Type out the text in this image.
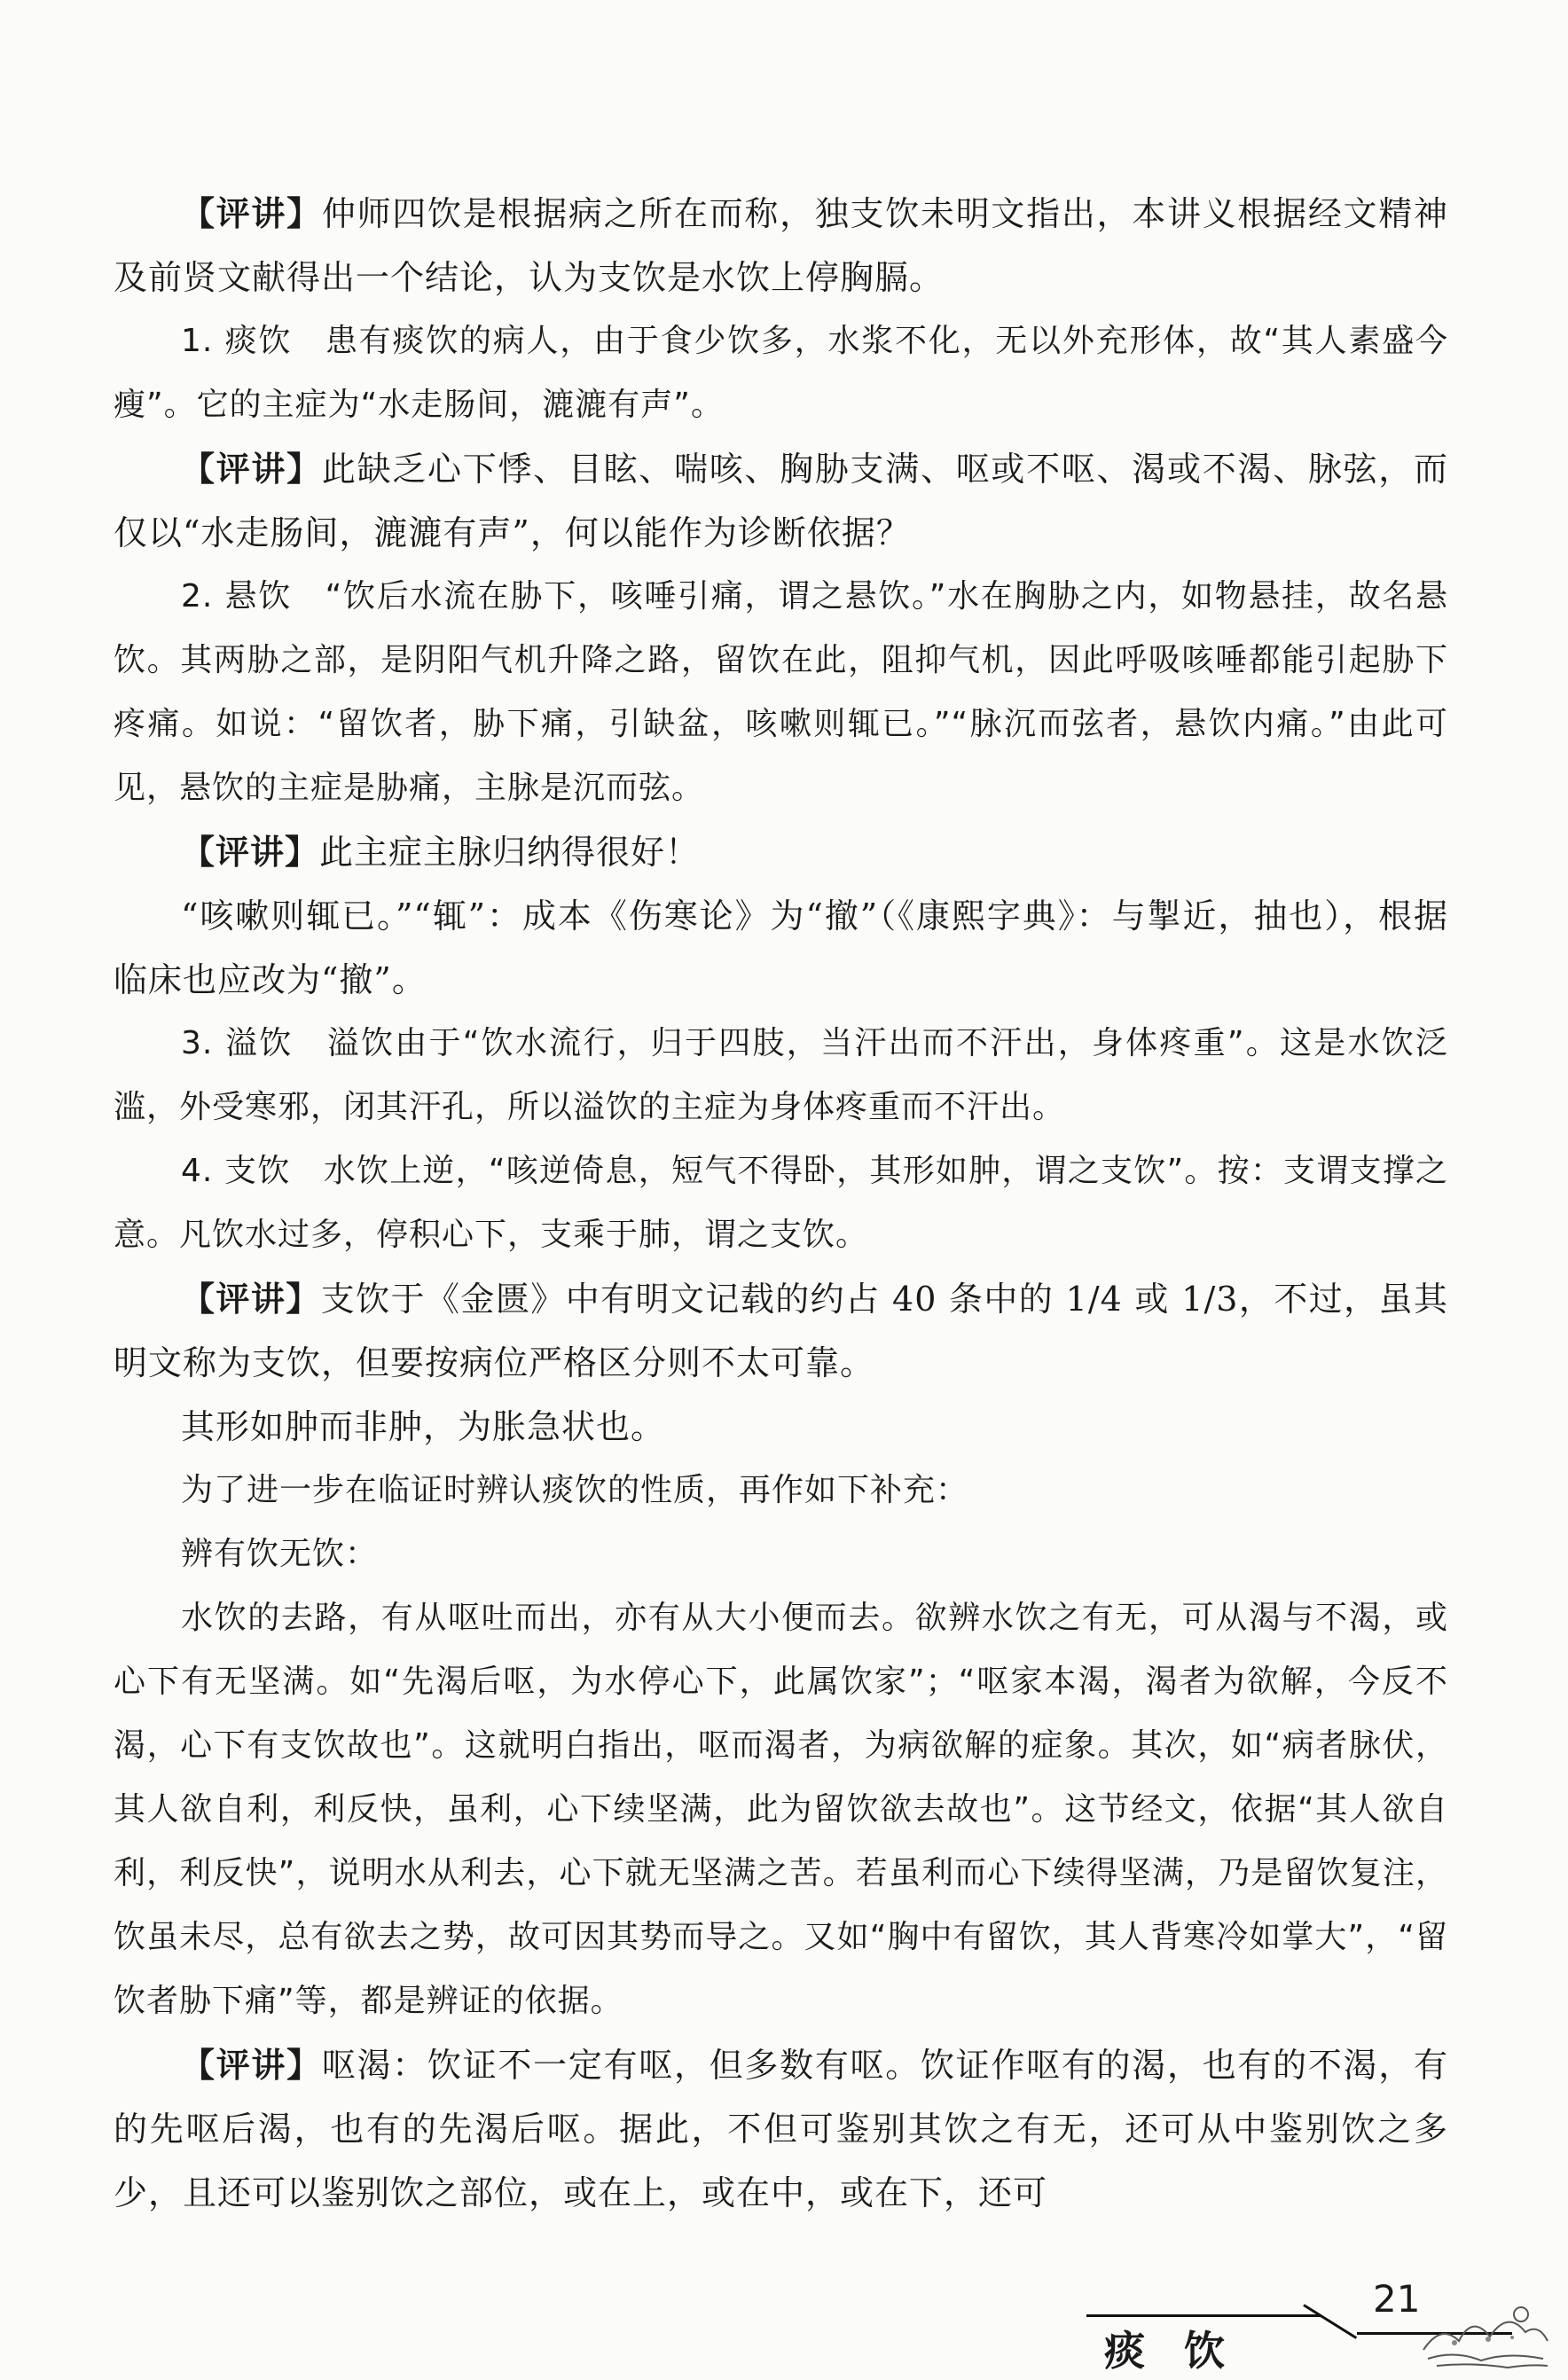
【评讲】仲师四饮是根据病之所在而称，独支饮未明文指出，本讲义根据经文精神及前贤文献得出一个结论，认为支饮是水饮上停胸膈。

1. 痰饮　患有痰饮的病人，由于食少饮多，水浆不化，无以外充形体，故“其人素盛今瘦”。它的主症为“水走肠间，漉漉有声”。

【评讲】此缺乏心下悸、目眩、喘咳、胸胁支满、呕或不呕、渴或不渴、脉弦，而仅以“水走肠间，漉漉有声”，何以能作为诊断依据？

2. 悬饮　“饮后水流在胁下，咳唾引痛，谓之悬饮。”水在胸胁之内，如物悬挂，故名悬饮。其两胁之部，是阴阳气机升降之路，留饮在此，阻抑气机，因此呼吸咳唾都能引起胁下疼痛。如说：“留饮者，胁下痛，引缺盆，咳嗽则辄已。”“脉沉而弦者，悬饮内痛。”由此可见，悬饮的主症是胁痛，主脉是沉而弦。

【评讲】此主症主脉归纳得很好！

“咳嗽则辄已。”“辄”：成本《伤寒论》为“撤”（《康熙字典》：与掣近，抽也），根据临床也应改为“撤”。

3. 溢饮　溢饮由于“饮水流行，归于四肢，当汗出而不汗出，身体疼重”。这是水饮泛滥，外受寒邪，闭其汗孔，所以溢饮的主症为身体疼重而不汗出。

4. 支饮　水饮上逆，“咳逆倚息，短气不得卧，其形如肿，谓之支饮”。按：支谓支撑之意。凡饮水过多，停积心下，支乘于肺，谓之支饮。

【评讲】支饮于《金匮》中有明文记载的约占 40 条中的 1/4 或 1/3，不过，虽其明文称为支饮，但要按病位严格区分则不太可靠。

其形如肿而非肿，为胀急状也。

为了进一步在临证时辨认痰饮的性质，再作如下补充：

辨有饮无饮：

水饮的去路，有从呕吐而出，亦有从大小便而去。欲辨水饮之有无，可从渴与不渴，或心下有无坚满。如“先渴后呕，为水停心下，此属饮家”；“呕家本渴，渴者为欲解，今反不渴，心下有支饮故也”。这就明白指出，呕而渴者，为病欲解的症象。其次，如“病者脉伏，其人欲自利，利反快，虽利，心下续坚满，此为留饮欲去故也”。这节经文，依据“其人欲自利，利反快”，说明水从利去，心下就无坚满之苦。若虽利而心下续得坚满，乃是留饮复注，饮虽未尽，总有欲去之势，故可因其势而导之。又如“胸中有留饮，其人背寒冷如掌大”，“留饮者胁下痛”等，都是辨证的依据。

【评讲】呕渴：饮证不一定有呕，但多数有呕。饮证作呕有的渴，也有的不渴，有的先呕后渴，也有的先渴后呕。据此，不但可鉴别其饮之有无，还可从中鉴别饮之多少，且还可以鉴别饮之部位，或在上，或在中，或在下，还可

痰饮
21
